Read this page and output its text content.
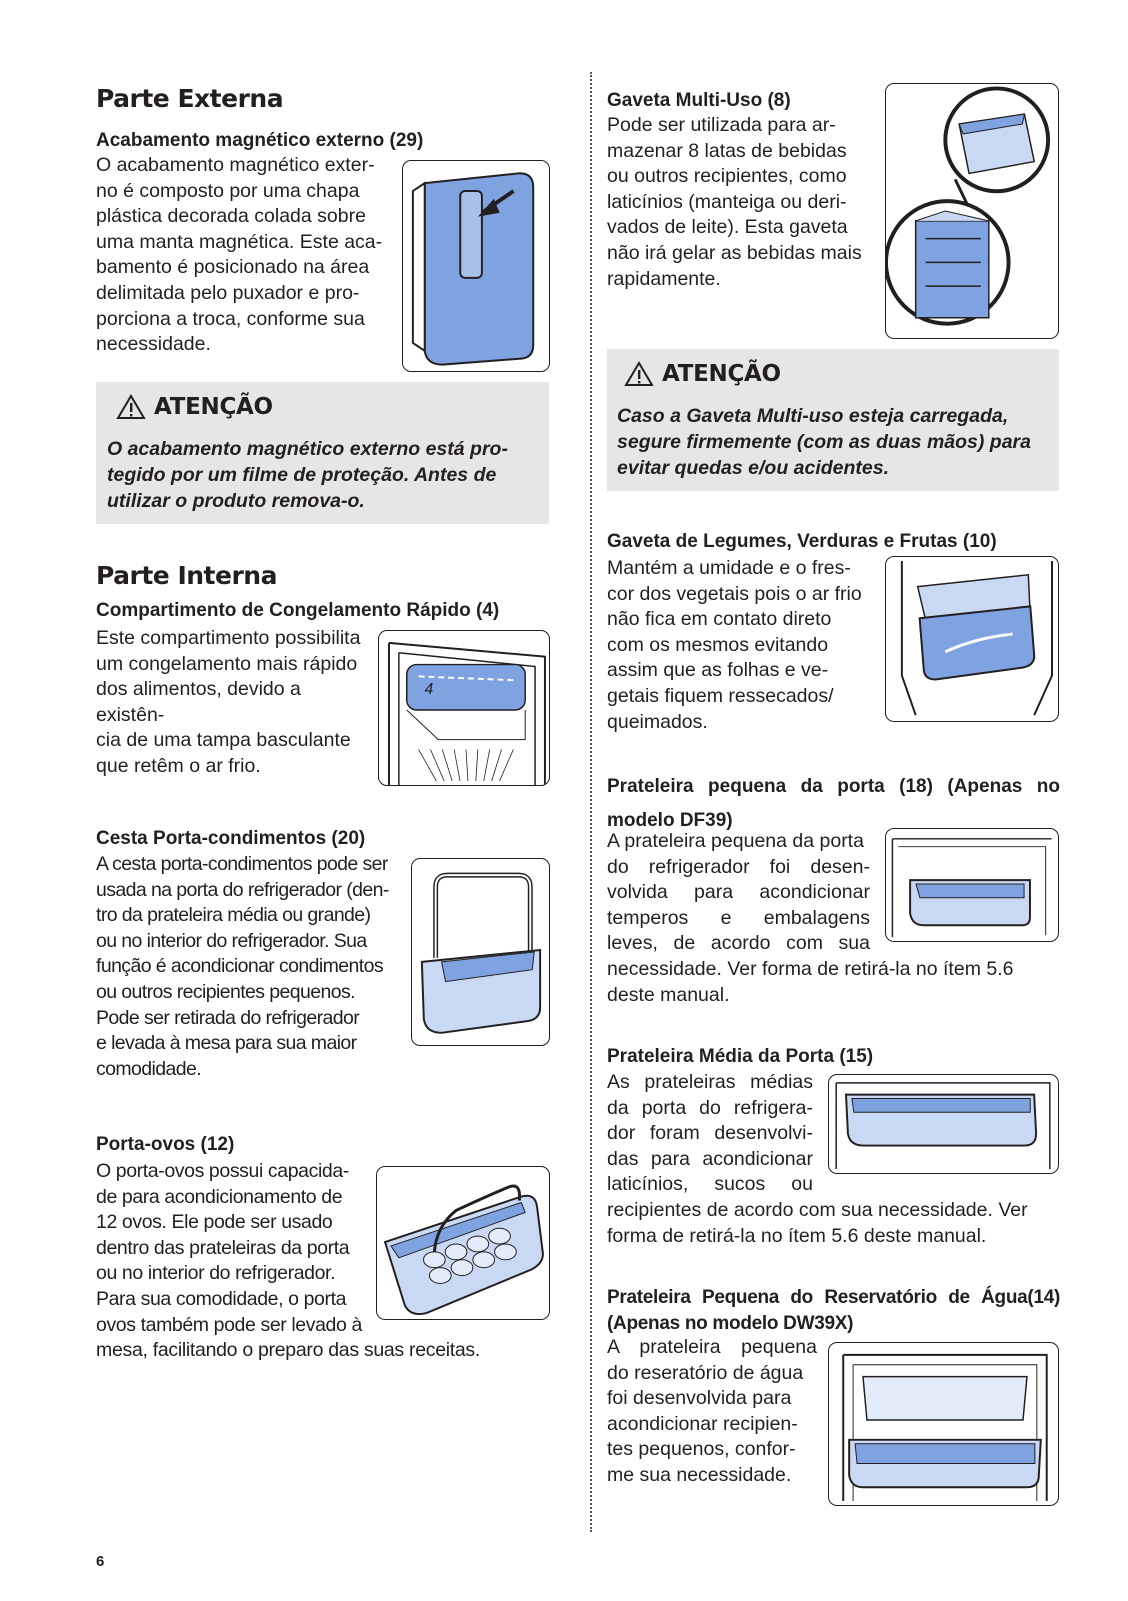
Parte Externa
Acabamento magnético externo (29)
O acabamento magnético exter-
no é composto por uma chapa
plástica decorada colada sobre
uma manta magnética. Este aca-
bamento é posicionado na área
delimitada pelo puxador e pro-
porciona a troca, conforme sua
necessidade.
ATENÇÃO
O acabamento magnético externo está pro-
tegido por um filme de proteção. Antes de
utilizar o produto remova-o.
Parte Interna
Compartimento de Congelamento Rápido (4)
Este compartimento possibilita
um congelamento mais rápido
dos alimentos, devido a existên-
cia de uma tampa basculante
que retêm o ar frio.
4
Cesta Porta-condimentos (20)
A cesta porta-condimentos pode ser
usada na porta do refrigerador (den-
tro da prateleira média ou grande)
ou no interior do refrigerador. Sua
função é acondicionar condimentos
ou outros recipientes pequenos.
Pode ser retirada do refrigerador
e levada à mesa para sua maior
comodidade.
Porta-ovos (12)
O porta-ovos possui capacida-
de para acondicionamento de
12 ovos. Ele pode ser usado
dentro das prateleiras da porta
ou no interior do refrigerador.
Para sua comodidade, o porta
ovos também pode ser levado à
mesa, facilitando o preparo das suas receitas.
6
Gaveta Multi-Uso (8)
Pode ser utilizada para ar-
mazenar 8 latas de bebidas
ou outros recipientes, como
laticínios (manteiga ou deri-
vados de leite). Esta gaveta
não irá gelar as bebidas mais
rapidamente.
ATENÇÃO
Caso a Gaveta Multi-uso esteja carregada,
segure firmemente (com as duas mãos) para
evitar quedas e/ou acidentes.
Gaveta de Legumes, Verduras e Frutas (10)
Mantém a umidade e o fres-
cor dos vegetais pois o ar frio
não fica em contato direto
com os mesmos evitando
assim que as folhas e ve-
getais fiquem ressecados/
queimados.
Prateleira pequena da porta (18) (Apenas no
modelo DF39)
A prateleira pequena da porta
do refrigerador foi desen-
volvida para acondicionar
temperos e embalagens
leves, de acordo com sua
necessidade. Ver forma de retirá-la no ítem 5.6
deste manual.
Prateleira Média da Porta (15)
As prateleiras médias
da porta do refrigera-
dor foram desenvolvi-
das para acondicionar
laticínios, sucos ou
recipientes de acordo com sua necessidade. Ver
forma de retirá-la no ítem 5.6 deste manual.
Prateleira Pequena do Reservatório de Água(14)
(Apenas no modelo DW39X)
A prateleira pequena
do reseratório de água
foi desenvolvida para
acondicionar recipien-
tes pequenos, confor-
me sua necessidade.
